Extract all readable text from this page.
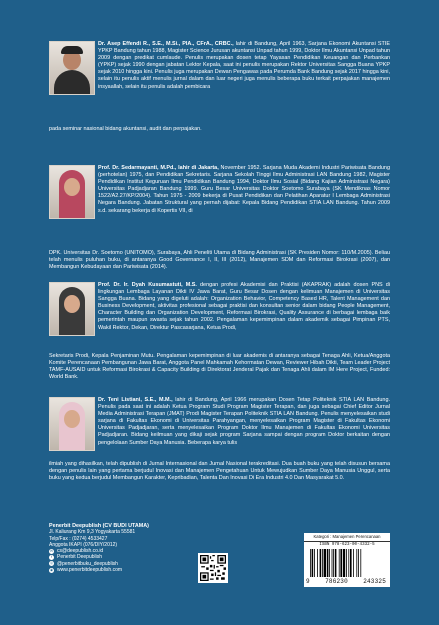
Dr. Asep Effendi R., S.E., M.Si., PIA., CFrA., CRBC., lahir di Bandung, April 1963, Sarjana Ekonomi Akuntansi STIE YPKP Bandung tahun 1988, Magister Science Jurusan akuntansi Unpad tahun 1999, Doktor Ilmu Akuntansi Unpad tahun 2009 dengan predikat cumlaude. Penulis merupakan dosen tetap Yayasan Pendidikan Keuangan dan Perbankan (YPKP) sejak 1990 dengan jabatan Lektor Kepala, saat ini penulis merupakan Rektor Universitas Sangga Buana YPKP sejak 2010 hingga kini. Penulis juga merupakan Dewan Pengawas pada Perumda Bank Bandung sejak 2017 hingga kini, selain itu penulis aktif menulis jurnal dalam dan luar negeri juga menulis beberapa buku terkait perpajakan manajemen insyaallah, selain itu penulis adalah pembicara
pada seminar nasional bidang akuntansi, audit dan perpajakan.
Prof. Dr. Sedarmayanti, M.Pd., lahir di Jakarta, November 1952. Sarjana Muda Akademi Industri Pariwisata Bandung (perhotelan) 1975, dan Pendidikan Sekretaris. Sarjana Sekolah Tinggi Ilmu Administrasi LAN Bandung 1982, Magister Pendidikan Institut Keguruan Ilmu Pendidikan Bandung 1994, Doktor Ilmu Sosial (Bidang Kajian Administrasi Negara) Universitas Padjadjaran Bandung 1999. Guru Besar Universitas Doktor Soetomo Surabaya (SK Mendiknas Nomor 1522/A2.27/KP/2004). Tahun 1975 - 2009 bekerja di Pusat Pendidikan dan Pelatihan Aparatur I Lembaga Administrasi Negara Bandung. Jabatan Struktural yang pernah dijabat: Kepala Bidang Pendidikan STIA LAN Bandung. Tahun 2009 s.d. sekarang bekerja di Kopertis VII, di
DPK. Universitas Dr. Soetomo (UNITOMO), Surabaya, Ahli Peneliti Utama di Bidang Administrasi (SK Presiden Nomor: 110/M.2005). Beliau telah menulis puluhan buku, di antaranya Good Governance I, II, III (2012), Manajemen SDM dan Reformasi Birokrasi (2007), dan Membangun Kebudayaan dan Pariwisata (2014).
Prof. Dr. Ir. Dyah Kusumastuti, M.S. dengan profesi Akademisi dan Praktisi (AKAPRAK) adalah dosen PNS di lingkungan Lembaga Layanan Dikti IV Jawa Barat, Guru Besar Dosen dengan kelimuan Manajemen di Universitas Sangga Buana. Bidang yang digeluti adalah: Organization Behavior, Competency Based HR, Talent Management dan Business Development, aktivitas profesional sebagai praktisi dan konsultan senior dalam bidang People Management, Character Building dan Organization Development, Reformasi Birokrasi, Quality Assurance di berbagai lembaga baik pemerintah maupun swasta sejak tahun 2002. Pengalaman kepemimpinan dalam akademik sebagai Pimpinan PTS, Wakil Rektor, Dekan, Direktur Pascasarjana, Ketua Prodi,
Sekretaris Prodi, Kepala Penjaminan Mutu. Pengalaman kepemimpinan di luar akademis di antaranya sebagai Tenaga Ahli, Ketua/Anggota Komite Perencanaan Pembangunan Jawa Barat, Anggota Panel Mahkamah Kehormatan Dewan, Reviewer Hibah Dikti, Team Leader Project TAMF-AUSAID untuk Reformasi Birokrasi & Capacity Building di Direktorat Jenderal Pajak dan Tenaga Ahli dalam IM Here Project, Funded: World Bank.
Dr. Teni Listiani, S.E., M.M., lahir di Bandung, April 1966 merupakan Dosen Tetap Politeknik STIA LAN Bandung. Penulis pada saat ini adalah Ketua Program Studi Program Magister Terapan, dan juga sebagai Chief Editor Jurnal Media Administrasi Terapan (JMAT) Prodi Magister Terapan Politeknik STIA LAN Bandung. Penulis menyelesaikan studi sarjana di Fakultas Ekonomi di Universitas Parahyangan, menyelesaikan Program Magister di Fakultas Ekonomi Universitas Padjadjaran, serta menyelesaikan Program Doktor Ilmu Manajemen di Fakultas Ekonomi Universitas Padjadjaran. Bidang keilmuan yang dikaji sejak program Sarjana sampai dengan program Doktor berkaitan dengan pengelolaan Sumber Daya Manusia. Beberapa karya tulis
ilmiah yang dihasilkan, telah dipublish di Jurnal Internasional dan Jurnal Nasional terakreditasi. Dua buah buku yang telah disusun bersama dengan penulis lain yang pertama berjudul Inovasi dan Manajemen Pengetahuan Untuk Mewujudkan Sumber Daya Manusia Unggul, serta buku yang kedua berjudul Membangun Karakter, Kepribadian, Talenta Dan Inovasi Di Era Industri 4.0 Dan Masyarakat 5.0.
Penerbit Deepublish (CV BUDI UTAMA)
Jl. Kaliurang Km 9,3 Yogyakarta 55581
Telp/Fax : (0274) 4533427
Anggota IKAPI (076/DIY/2012)
✉ cs@deepublish.co.id
f	Penerbit Deepublish
◎ @penerbitbuku_deepublish
◉ www.penerbitdeepublish.com
Kategori : Manajemen Perencanaan
ISBN 978-623-00-4332-5
9	786230	243325
